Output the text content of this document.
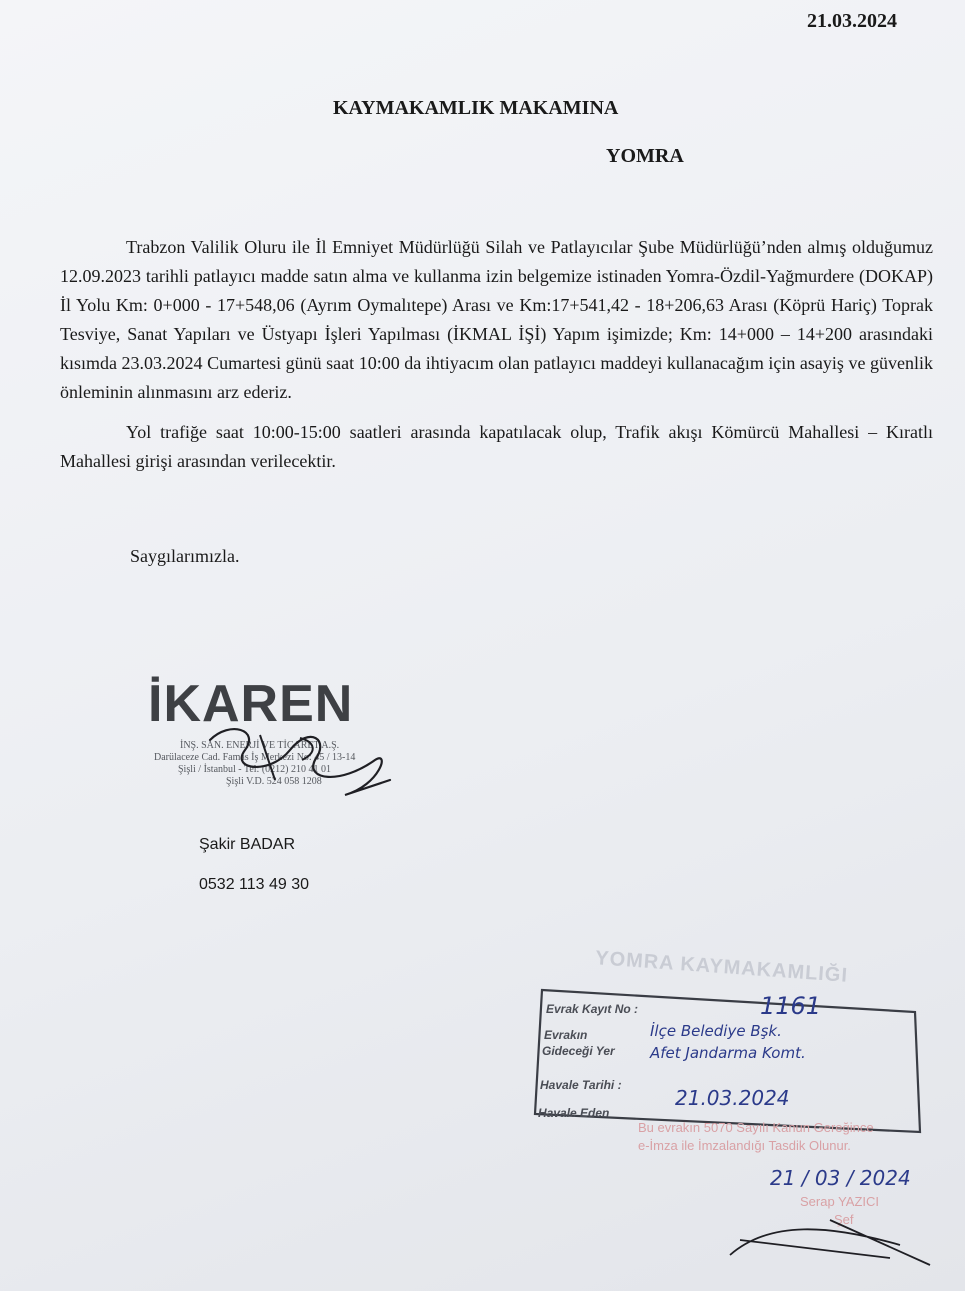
21.03.2024
KAYMAKAMLIK MAKAMINA
YOMRA

Trabzon Valilik Oluru ile İl Emniyet Müdürlüğü Silah ve Patlayıcılar Şube Müdürlüğü’nden almış olduğumuz 12.09.2023 tarihli patlayıcı madde satın alma ve kullanma izin belgemize istinaden Yomra-Özdil-Yağmurdere (DOKAP) İl Yolu Km: 0+000 - 17+548,06 (Ayrım Oymalıtepe) Arası ve Km:17+541,42 - 18+206,63 Arası (Köprü Hariç) Toprak Tesviye, Sanat Yapıları ve Üstyapı İşleri Yapılması (İKMAL İŞİ) Yapım işimizde; Km: 14+000 – 14+200 arasındaki kısımda 23.03.2024 Cumartesi günü saat 10:00 da ihtiyacım olan patlayıcı maddeyi kullanacağım için asayiş ve güvenlik önleminin alınmasını arz ederiz.

Yol trafiğe saat 10:00-15:00 saatleri arasında kapatılacak olup, Trafik akışı Kömürcü Mahallesi – Kıratlı Mahallesi girişi arasından verilecektir.

Saygılarımızla.
İKAREN
İNŞ. SAN. ENERJİ VE TİCARET A.Ş.
Darülaceze Cad. Famas İş Merkezi No: 45 / 13-14
Şişli / İstanbul - Tel: (0212) 210 41 01
Şişli V.D. 524 058 1208
Şakir BADAR
0532 113 49 30
YOMRA KAYMAKAMLIĞI
Evrak Kayıt No :
Evrakın
Gideceği Yer
Havale Tarihi :
Havale Eden
1161
İlçe Belediye Bşk.
Afet Jandarma Komt.
21.03.2024
Bu evrakın 5070 Sayılı Kanun Gereğince
e-İmza ile İmzalandığı Tasdik Olunur.
21 / 03 / 2024
Serap YAZICI
Şef
